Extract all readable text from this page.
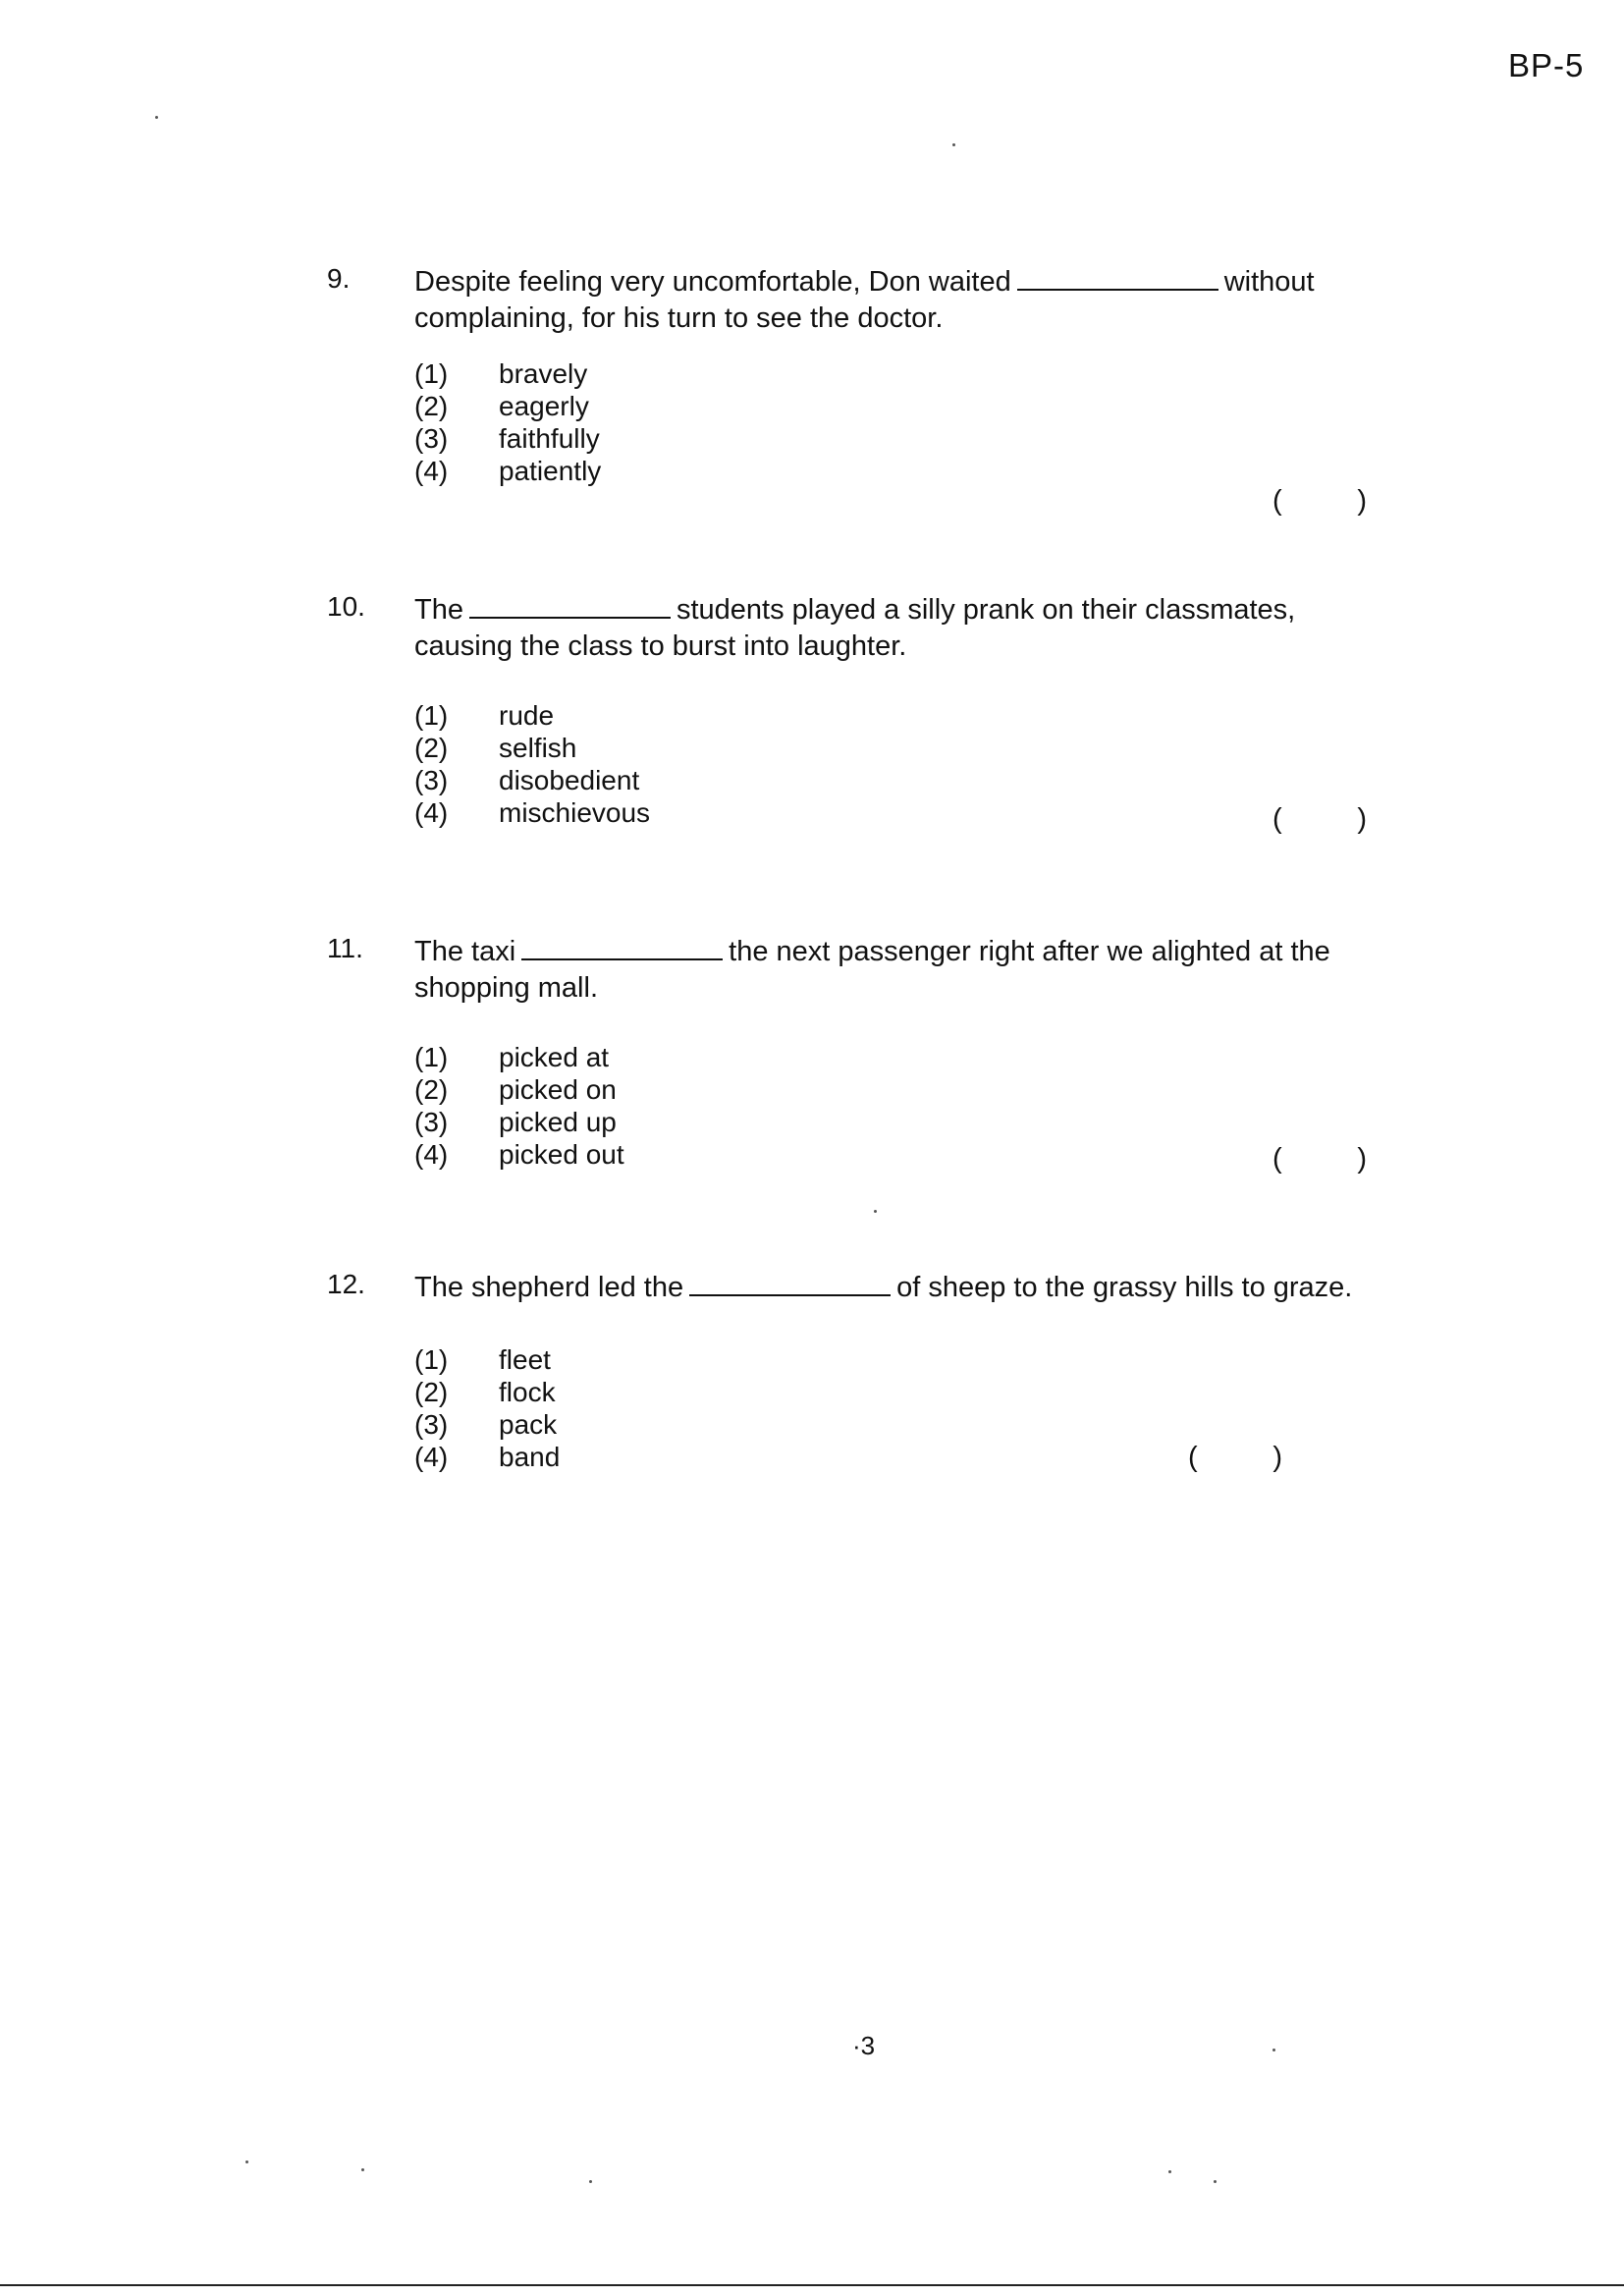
BP-5
9. Despite feeling very uncomfortable, Don waited	without complaining, for his turn to see the doctor.
(1)	bravely
(2)	eagerly
(3)	faithfully
(4)	patiently
(	)
10. The	students played a silly prank on their classmates, causing the class to burst into laughter.
(1)	rude
(2)	selfish
(3)	disobedient
(4)	mischievous	(	)
11. The taxi	the next passenger right after we alighted at the shopping mall.
(1)	picked at
(2)	picked on
(3)	picked up
(4)	picked out	(	)
12. The shepherd led the	of sheep to the grassy hills to graze.
(1)	fleet
(2)	flock
(3)	pack
(4)	band	(	)
·3
